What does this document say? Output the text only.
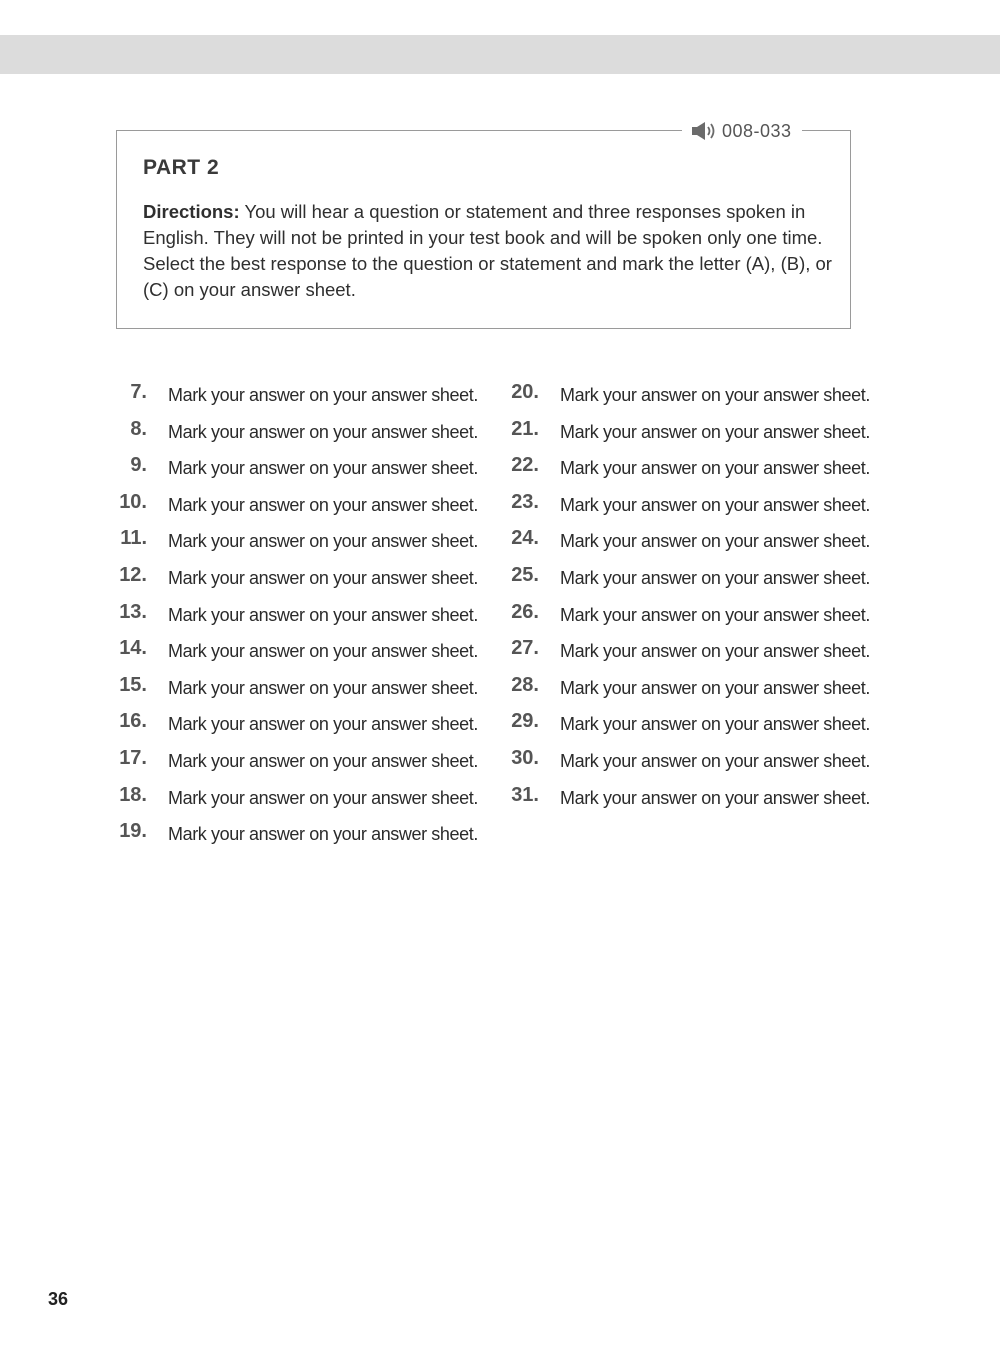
008-033
PART 2

Directions: You will hear a question or statement and three responses spoken in English. They will not be printed in your test book and will be spoken only one time. Select the best response to the question or statement and mark the letter (A), (B), or (C) on your answer sheet.

7. Mark your answer on your answer sheet.
8. Mark your answer on your answer sheet.
9. Mark your answer on your answer sheet.
10. Mark your answer on your answer sheet.
11. Mark your answer on your answer sheet.
12. Mark your answer on your answer sheet.
13. Mark your answer on your answer sheet.
14. Mark your answer on your answer sheet.
15. Mark your answer on your answer sheet.
16. Mark your answer on your answer sheet.
17. Mark your answer on your answer sheet.
18. Mark your answer on your answer sheet.
19. Mark your answer on your answer sheet.
20. Mark your answer on your answer sheet.
21. Mark your answer on your answer sheet.
22. Mark your answer on your answer sheet.
23. Mark your answer on your answer sheet.
24. Mark your answer on your answer sheet.
25. Mark your answer on your answer sheet.
26. Mark your answer on your answer sheet.
27. Mark your answer on your answer sheet.
28. Mark your answer on your answer sheet.
29. Mark your answer on your answer sheet.
30. Mark your answer on your answer sheet.
31. Mark your answer on your answer sheet.
36
